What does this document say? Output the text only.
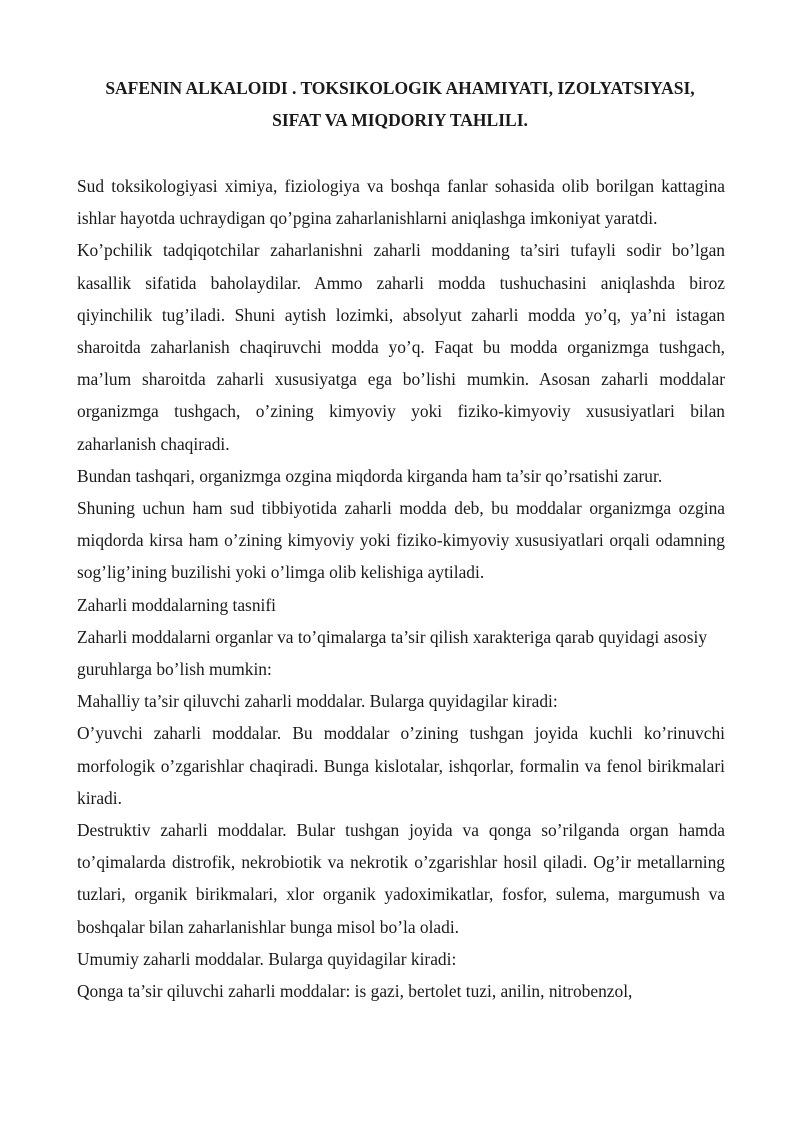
SAFENIN ALKALOIDI . TOKSIKOLOGIK AHAMIYATI, IZOLYATSIYASI,
SIFAT VA MIQDORIY TAHLILI.

Sud toksikologiyasi ximiya, fiziologiya va boshqa fanlar sohasida olib borilgan kattagina ishlar hayotda uchraydigan qo’pgina zaharlanishlarni aniqlashga imkoniyat yaratdi.

Ko’pchilik tadqiqotchilar zaharlanishni zaharli moddaning ta’siri tufayli sodir bo’lgan kasallik sifatida baholaydilar. Ammo zaharli modda tushuchasini aniqlashda biroz qiyinchilik tug’iladi. Shuni aytish lozimki, absolyut zaharli modda yo’q, ya’ni istagan sharoitda zaharlanish chaqiruvchi modda yo’q. Faqat bu modda organizmga tushgach, ma’lum sharoitda zaharli xususiyatga ega bo’lishi mumkin. Asosan zaharli moddalar organizmga tushgach, o’zining kimyoviy yoki fiziko-kimyoviy xususiyatlari bilan zaharlanish chaqiradi.

Bundan tashqari, organizmga ozgina miqdorda kirganda ham ta’sir qo’rsatishi zarur.

Shuning uchun ham sud tibbiyotida zaharli modda deb, bu moddalar organizmga ozgina miqdorda kirsa ham o’zining kimyoviy yoki fiziko-kimyoviy xususiyatlari orqali odamning sog’lig’ining buzilishi yoki o’limga olib kelishiga aytiladi.

Zaharli moddalarning tasnifi

Zaharli moddalarni organlar va to’qimalarga ta’sir qilish xarakteriga qarab quyidagi asosiy guruhlarga bo’lish mumkin:

Mahalliy ta’sir qiluvchi zaharli moddalar. Bularga quyidagilar kiradi:

O’yuvchi zaharli moddalar. Bu moddalar o’zining tushgan joyida kuchli ko’rinuvchi morfologik o’zgarishlar chaqiradi. Bunga kislotalar, ishqorlar, formalin va fenol birikmalari kiradi.

Destruktiv zaharli moddalar. Bular tushgan joyida va qonga so’rilganda organ hamda to’qimalarda distrofik, nekrobiotik va nekrotik o’zgarishlar hosil qiladi. Og’ir metallarning tuzlari, organik birikmalari, xlor organik yadoximikatlar, fosfor, sulema, margumush va boshqalar bilan zaharlanishlar bunga misol bo’la oladi.

Umumiy zaharli moddalar. Bularga quyidagilar kiradi:

Qonga ta’sir qiluvchi zaharli moddalar: is gazi, bertolet tuzi, anilin, nitrobenzol,
